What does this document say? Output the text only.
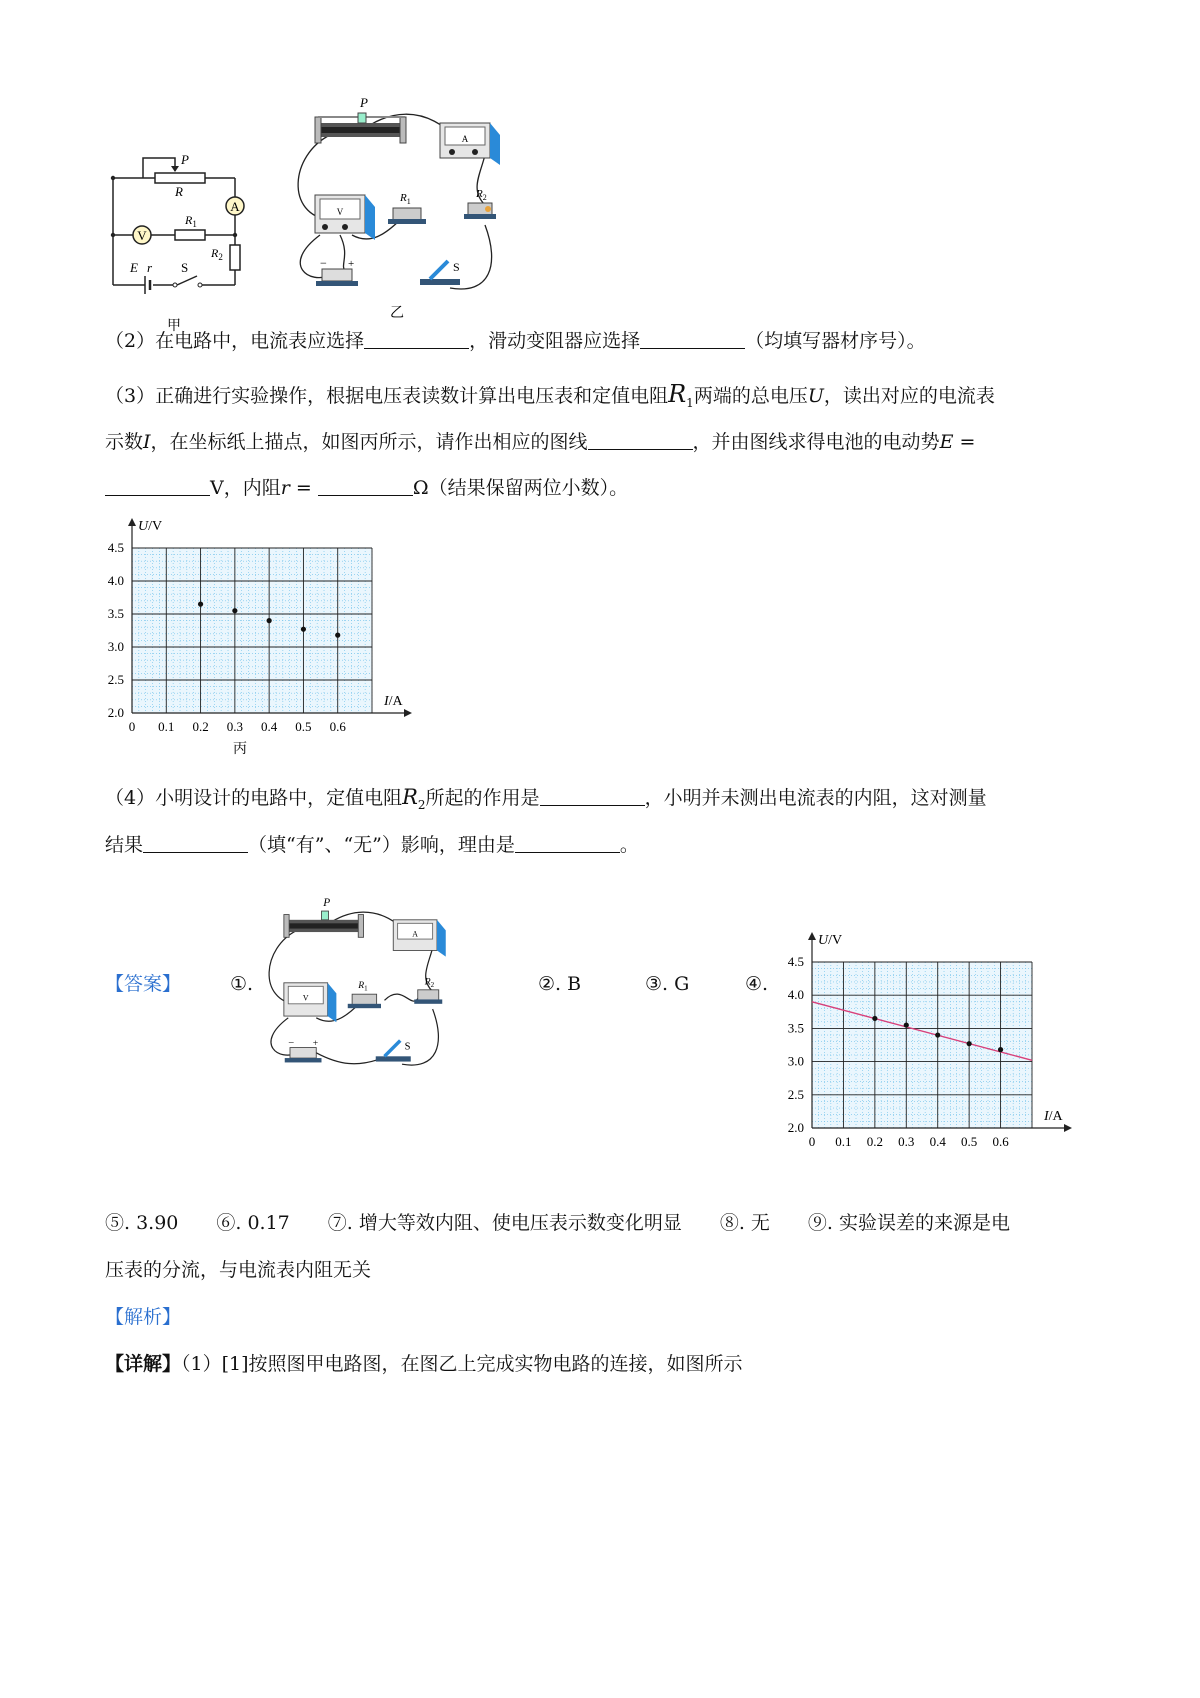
A
V
P
R
$R_1$
$R_2$
E r S
甲
P
A
V
$R_1$
$R_2$
− +	S
乙
（2）在电路中，电流表应选择	，滑动变阻器应选择	（均填写器材序号）。
（3）正确进行实验操作，根据电压表读数计算出电压表和定值电阻$R_1$两端的总电压U，读出对应的电流表
示数I，在坐标纸上描点，如图丙所示，请作出相应的图线	，并由图线求得电池的电动势E =
V，内阻r =	Ω（结果保留两位小数）。
0 0.1 0.2 0.3 0.4 0.5 0.6
2.0
2.5
3.0
3.5
4.0
4.5
U/V
I/A
丙
（4）小明设计的电路中，定值电阻$R_2$所起的作用是	，小明并未测出电流表的内阻，这对测量
结果	（填“有”、“无”）影响，理由是	。
【答案】	①.
P
A
V
$R_1$
$R_2$
− +	S
②. B	③. G	④.
0 0.1 0.2 0.3 0.4 0.5 0.6
2.0
2.5
3.0
3.5
4.0
4.5
U/V
I/A
⑤. 3.90　　⑥. 0.17　　⑦. 增大等效内阻、使电压表示数变化明显　　⑧. 无　　⑨. 实验误差的来源是电
压表的分流，与电流表内阻无关
【解析】
【详解】（1）[1]按照图甲电路图，在图乙上完成实物电路的连接，如图所示
